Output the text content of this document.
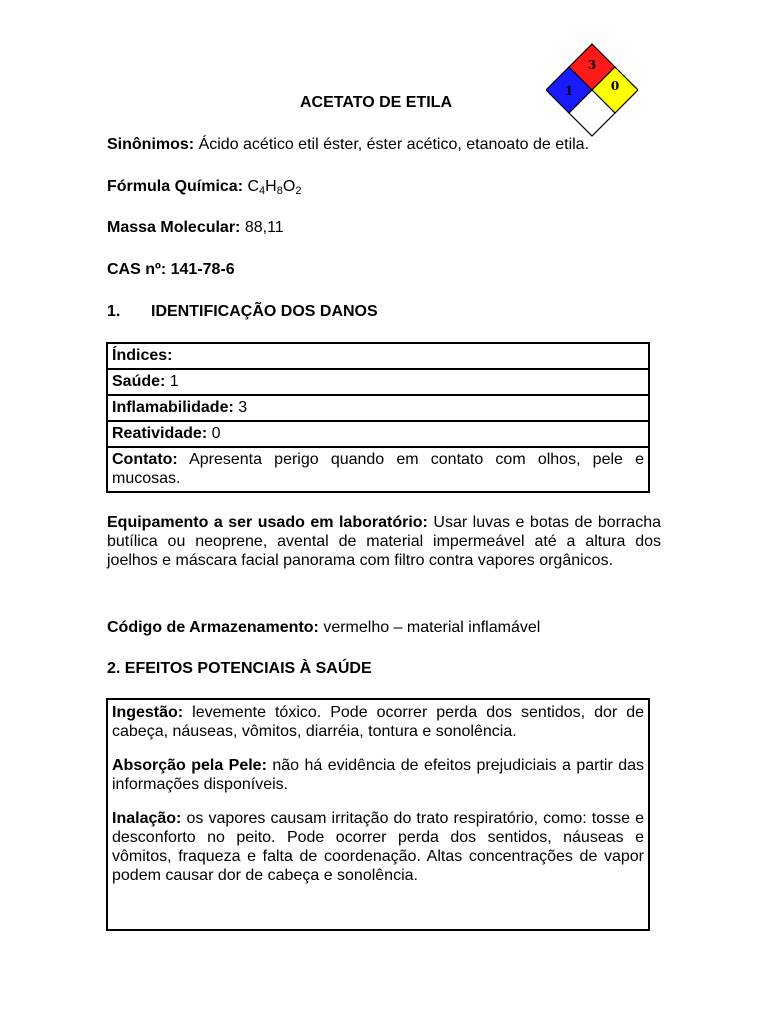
3
1	0
ACETATO DE ETILA
Sinônimos: Ácido acético etil éster, éster acético, etanoato de etila.
Fórmula Química: $C_4H_8O_2$
Massa Molecular: 88,11
CAS nº: 141-78-6
1. IDENTIFICAÇÃO DOS DANOS
Índices:
Saúde: 1
Inflamabilidade: 3
Reatividade: 0
Contato: Apresenta perigo quando em contato com olhos, pele e mucosas.
Equipamento a ser usado em laboratório: Usar luvas e botas de borracha butílica ou neoprene, avental de material impermeável até a altura dos joelhos e máscara facial panorama com filtro contra vapores orgânicos.
Código de Armazenamento: vermelho – material inflamável
2. EFEITOS POTENCIAIS À SAÚDE

Ingestão: levemente tóxico. Pode ocorrer perda dos sentidos, dor de cabeça, náuseas, vômitos, diarréia, tontura e sonolência.

Absorção pela Pele: não há evidência de efeitos prejudiciais a partir das informações disponíveis.

Inalação: os vapores causam irritação do trato respiratório, como: tosse e desconforto no peito. Pode ocorrer perda dos sentidos, náuseas e vômitos, fraqueza e falta de coordenação. Altas concentrações de vapor podem causar dor de cabeça e sonolência.
